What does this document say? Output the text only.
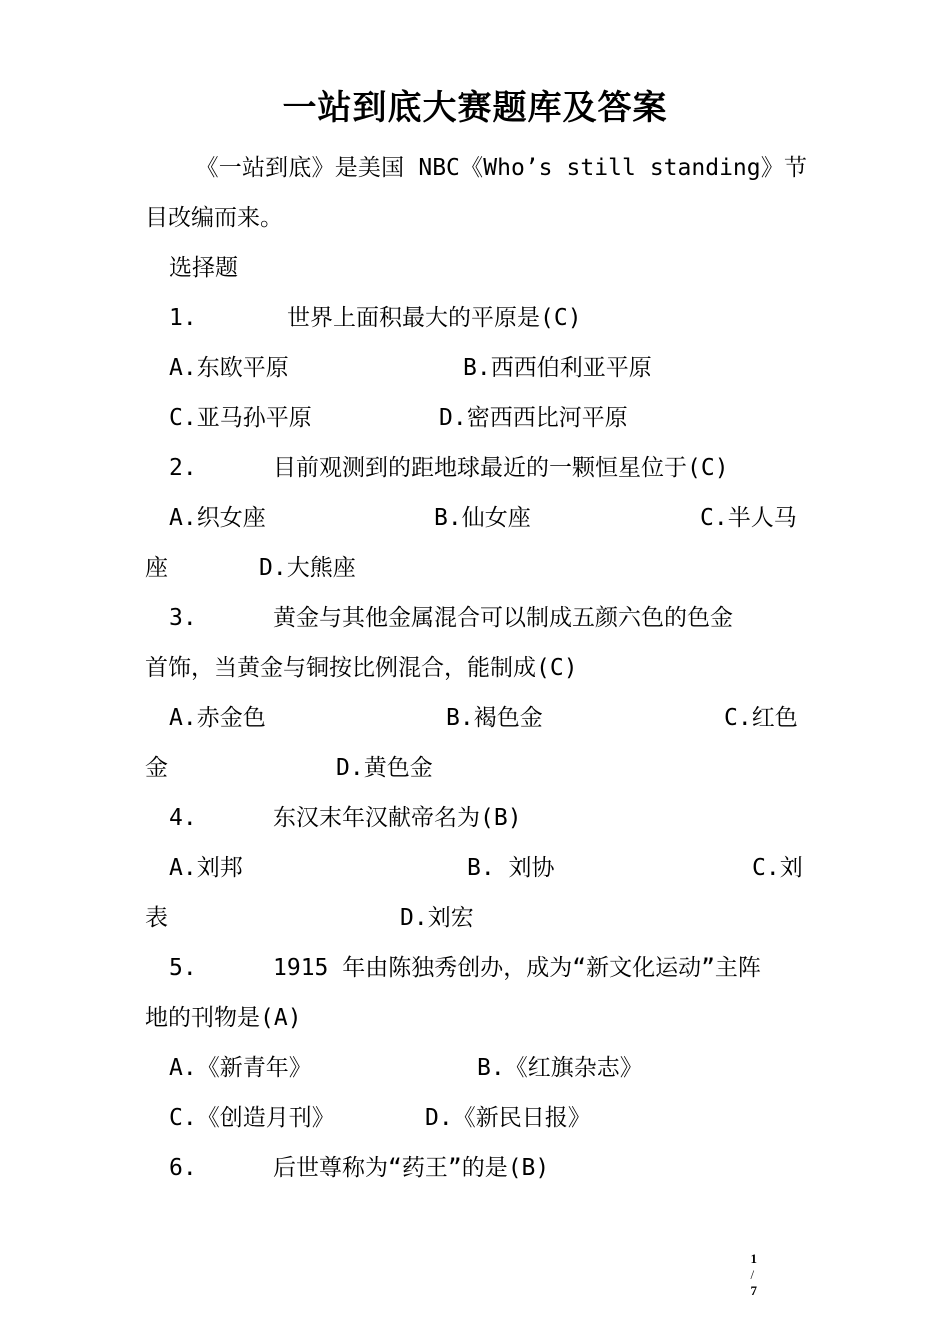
一站到底大赛题库及答案
《一站到底》是美国 NBC《Who’s still standing》节目改编而来。
选择题
1.	世界上面积最大的平原是(C)
A.东欧平原	B.西西伯利亚平原
C.亚马孙平原	D.密西西比河平原
2.	目前观测到的距地球最近的一颗恒星位于(C)
A.织女座	B.仙女座	C.半人马
座	D.大熊座
3.	黄金与其他金属混合可以制成五颜六色的色金
首饰，当黄金与铜按比例混合，能制成(C)
A.赤金色	B.褐色金	C.红色
金	D.黄色金
4.	东汉末年汉献帝名为(B)
A.刘邦	B. 刘协	C.刘
表	D.刘宏
5.	1915 年由陈独秀创办，成为“新文化运动”主阵
地的刊物是(A)
A.《新青年》	B.《红旗杂志》
C.《创造月刊》	D.《新民日报》
6.	后世尊称为“药王”的是(B)

1
/
7
